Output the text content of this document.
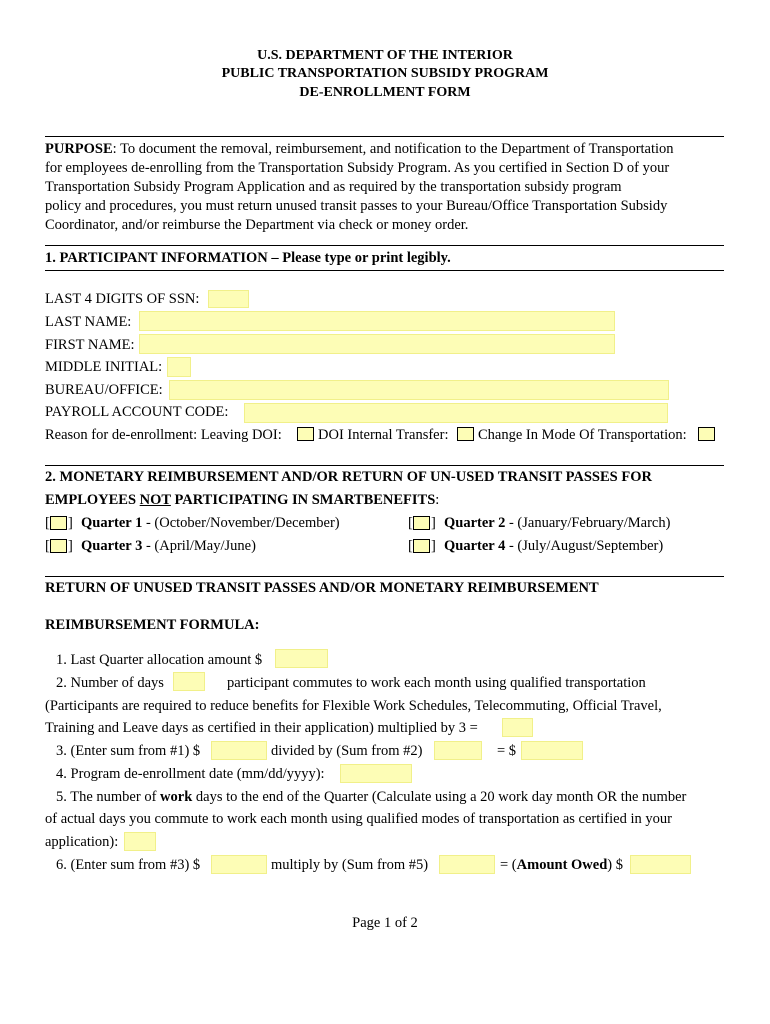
U.S. DEPARTMENT OF THE INTERIOR
PUBLIC TRANSPORTATION SUBSIDY PROGRAM
DE-ENROLLMENT FORM
PURPOSE: To document the removal, reimbursement, and notification to the Department of Transportation
for employees de-enrolling from the Transportation Subsidy Program. As you certified in Section D of your
Transportation Subsidy Program Application and as required by the transportation subsidy program
policy and procedures, you must return unused transit passes to your Bureau/Office Transportation Subsidy
Coordinator, and/or reimburse the Department via check or money order.
1. PARTICIPANT INFORMATION – Please type or print legibly.
LAST 4 DIGITS OF SSN:
LAST NAME:
FIRST NAME:
MIDDLE INITIAL:
BUREAU/OFFICE:
PAYROLL ACCOUNT CODE:
Reason for de-enrollment: Leaving DOI: DOI Internal Transfer: Change In Mode Of Transportation:
2. MONETARY REIMBURSEMENT AND/OR RETURN OF UN-USED TRANSIT PASSES FOR
EMPLOYEES NOT PARTICIPATING IN SMARTBENEFITS:
[ ] Quarter 1 - (October/November/December)	[ ] Quarter 2 - (January/February/March)
[ ] Quarter 3 - (April/May/June)	[ ] Quarter 4 - (July/August/September)
RETURN OF UNUSED TRANSIT PASSES AND/OR MONETARY REIMBURSEMENT
REIMBURSEMENT FORMULA:
1. Last Quarter allocation amount $
2. Number of days	participant commutes to work each month using qualified transportation
(Participants are required to reduce benefits for Flexible Work Schedules, Telecommuting, Official Travel,
Training and Leave days as certified in their application) multiplied by 3 =
3. (Enter sum from #1) $	divided by (Sum from #2)	= $
4. Program de-enrollment date (mm/dd/yyyy):
5. The number of work days to the end of the Quarter (Calculate using a 20 work day month OR the number
of actual days you commute to work each month using qualified modes of transportation as certified in your
application):
6. (Enter sum from #3) $	multiply by (Sum from #5)	= (Amount Owed) $
Page 1 of 2
